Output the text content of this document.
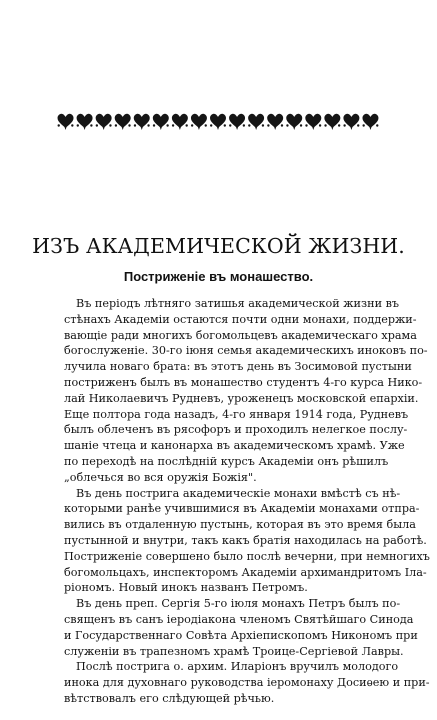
ИЗЪ АКАДЕМИЧЕСКОЙ ЖИЗНИ.
Постриженіе въ монашество.
Въ періодъ лѣтняго затишья академической жизни въ
стѣнахъ Академіи остаются почти одни монахи, поддержи-
вающіе ради многихъ богомольцевъ академическаго храма
богослуженіе. 30-го іюня семья академическихъ иноковъ по-
лучила новаго брата: въ этотъ день въ Зосимовой пустыни
постриженъ былъ въ монашество студентъ 4-го курса Нико-
лай Николаевичъ Рудневъ, уроженецъ московской епархіи.
Еще полтора года назадъ, 4-го января 1914 года, Рудневъ
былъ облеченъ въ рясофоръ и проходилъ нелегкое послу-
шаніе чтеца и канонарха въ академическомъ храмѣ. Уже
по переходѣ на послѣдній курсъ Академіи онъ рѣшилъ
„облечься во вся оружія Божія".
Въ день пострига академическіе монахи вмѣстѣ съ нѣ-
которыми ранѣе учившимися въ Академіи монахами отпра-
вились въ отдаленную пустынь, которая въ это время была
пустынной и внутри, такъ какъ братія находилась на работѣ.
Постриженіе совершено было послѣ вечерни, при немногихъ
богомольцахъ, инспекторомъ Академіи архимандритомъ Іла-
ріономъ. Новый инокъ названъ Петромъ.
Въ день преп. Сергія 5-го іюля монахъ Петръ былъ по-
священъ въ санъ іеродіакона членомъ Святѣйшаго Синода
и Государственнаго Совѣта Архіепископомъ Никономъ при
служеніи въ трапезномъ храмѣ Троице-Сергіевой Лавры.
Послѣ пострига о. архим. Иларіонъ вручилъ молодого
инока для духовнаго руководства іеромонаху Досиѳею и при-
вѣтствовалъ его слѣдующей рѣчью.
